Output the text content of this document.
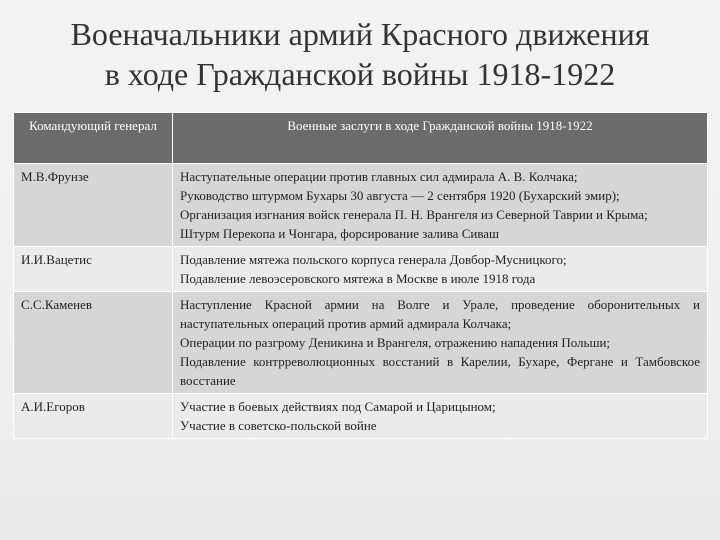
Военачальники армий Красного движения
в ходе Гражданской войны 1918-1922
Командующий генерал	Военные заслуги в ходе Гражданской войны 1918-1922
М.В.Фрунзе	Наступательные операции против главных сил адмирала А. В. Колчака;
Руководство штурмом Бухары 30 августа — 2 сентября 1920 (Бухарский эмир);
Организация изгнания войск генерала П. Н. Врангеля из Северной Таврии и Крыма;
Штурм Перекопа и Чонгара, форсирование залива Сиваш

И.И.Вацетис	Подавление мятежа польского корпуса генерала Довбор-Мусницкого;
Подавление левоэсеровского мятежа в Москве в июле 1918 года

С.С.Каменев	Наступление Красной армии на Волге и Урале, проведение оборонительных и наступательных операций против армий адмирала Колчака;
Операции по разгрому Деникина и Врангеля, отражению нападения Польши;
Подавление контрреволюционных восстаний в Карелии, Бухаре, Фергане и Тамбовское восстание

А.И.Егоров	Участие в боевых действиях под Самарой и Царицыном;
Участие в советско-польской войне
